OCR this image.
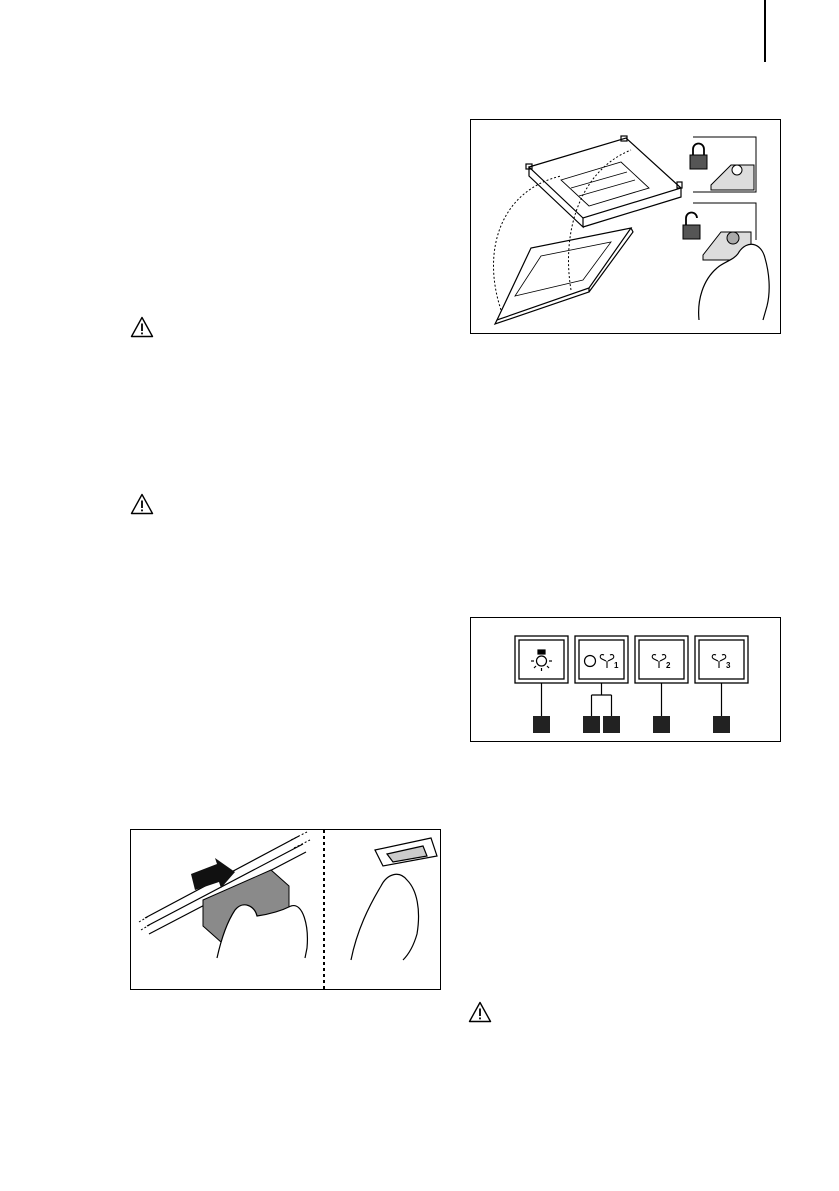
1	2	3
